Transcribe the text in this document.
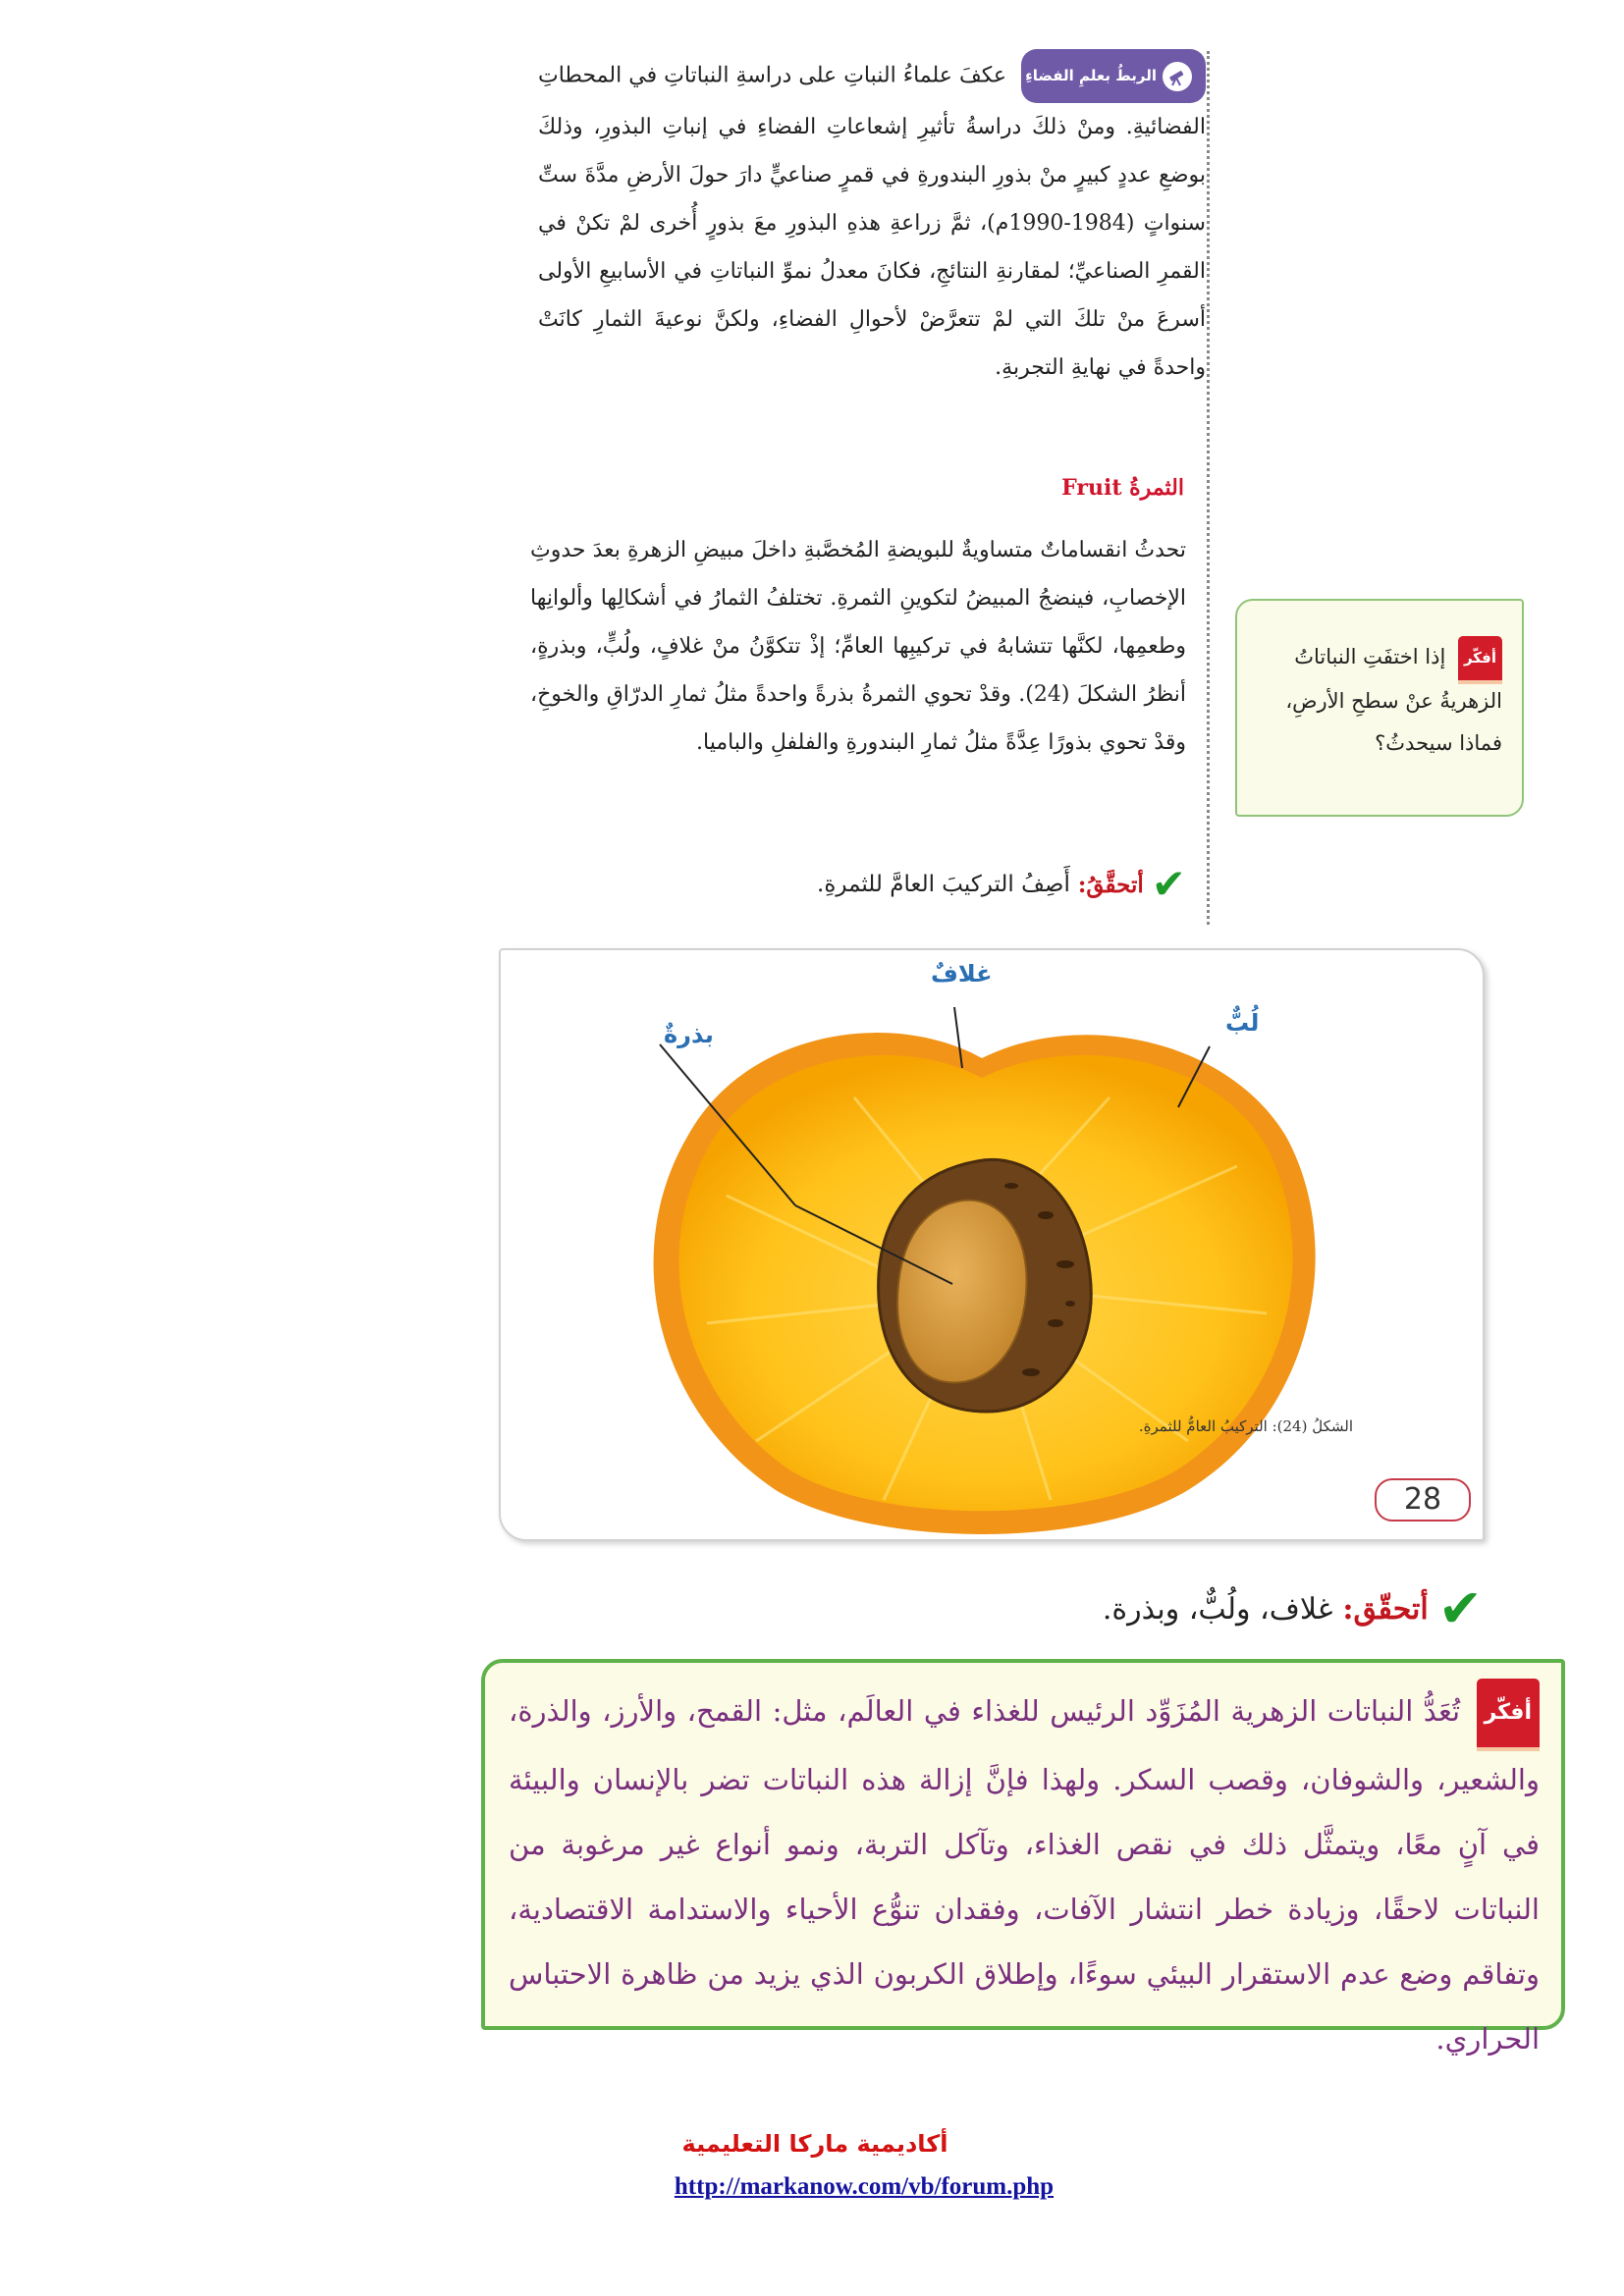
الربطُ بعلمِ الفضاءِ
عكفَ علماءُ النباتِ على دراسةِ النباتاتِ في المحطاتِ الفضائيةِ. ومنْ ذلكَ دراسةُ تأثيرِ إشعاعاتِ الفضاءِ في إنباتِ البذورِ، وذلكَ بوضعِ عددٍ كبيرٍ منْ بذورِ البندورةِ في قمرٍ صناعيٍّ دارَ حولَ الأرضِ مدَّةَ ستِّ سنواتٍ (1984-1990م)، ثمَّ زراعةِ هذهِ البذورِ معَ بذورٍ أُخرى لمْ تكنْ في القمرِ الصناعيِّ؛ لمقارنةِ النتائجِ، فكانَ معدلُ نموِّ النباتاتِ في الأسابيعِ الأولى أسرعَ منْ تلكَ التي لمْ تتعرَّضْ لأحوالِ الفضاءِ، ولكنَّ نوعيةَ الثمارِ كانَتْ واحدةً في نهايةِ التجربةِ.
الثمرةُ Fruit
تحدثُ انقساماتٌ متساويةٌ للبويضةِ المُخصَّبةِ داخلَ مبيضِ الزهرةِ بعدَ حدوثِ الإخصابِ، فينضجُ المبيضُ لتكوينِ الثمرةِ. تختلفُ الثمارُ في أشكالِها وألوانِها وطعمِها، لكنَّها تتشابهُ في تركيبِها العامِّ؛ إذْ تتكوَّنُ منْ غلافٍ، ولُبٍّ، وبذرةٍ، أنظرُ الشكلَ (24). وقدْ تحوي الثمرةُ بذرةً واحدةً مثلُ ثمارِ الدرّاقِ والخوخِ، وقدْ تحوي بذورًا عِدَّةً مثلُ ثمارِ البندورةِ والفلفلِ والباميا.
✔
أتحقَّقُ:
أَصِفُ التركيبَ العامَّ للثمرةِ.
أفكّر إذا اختفَتِ النباتاتُ الزهريةُ عنْ سطحِ الأرضِ، فماذا سيحدثُ؟
غلافٌ
لُبٌّ
بذرةٌ
الشكلُ (24): التركيبُ العامُّ للثمرةِ.
28
✔
أتحقّق:
غلاف، ولُبٌّ، وبذرة.
أفكّر تُعَدُّ النباتات الزهرية المُزَوِّد الرئيس للغذاء في العالَم، مثل: القمح، والأرز، والذرة، والشعير، والشوفان، وقصب السكر. ولهذا فإنَّ إزالة هذه النباتات تضر بالإنسان والبيئة في آنٍ معًا، ويتمثَّل ذلك في نقص الغذاء، وتآكل التربة، ونمو أنواع غير مرغوبة من النباتات لاحقًا، وزيادة خطر انتشار الآفات، وفقدان تنوُّع الأحياء والاستدامة الاقتصادية، وتفاقم وضع عدم الاستقرار البيئي سوءًا، وإطلاق الكربون الذي يزيد من ظاهرة الاحتباس الحراري.
أكاديمية ماركا التعليمية
http://markanow.com/vb/forum.php
